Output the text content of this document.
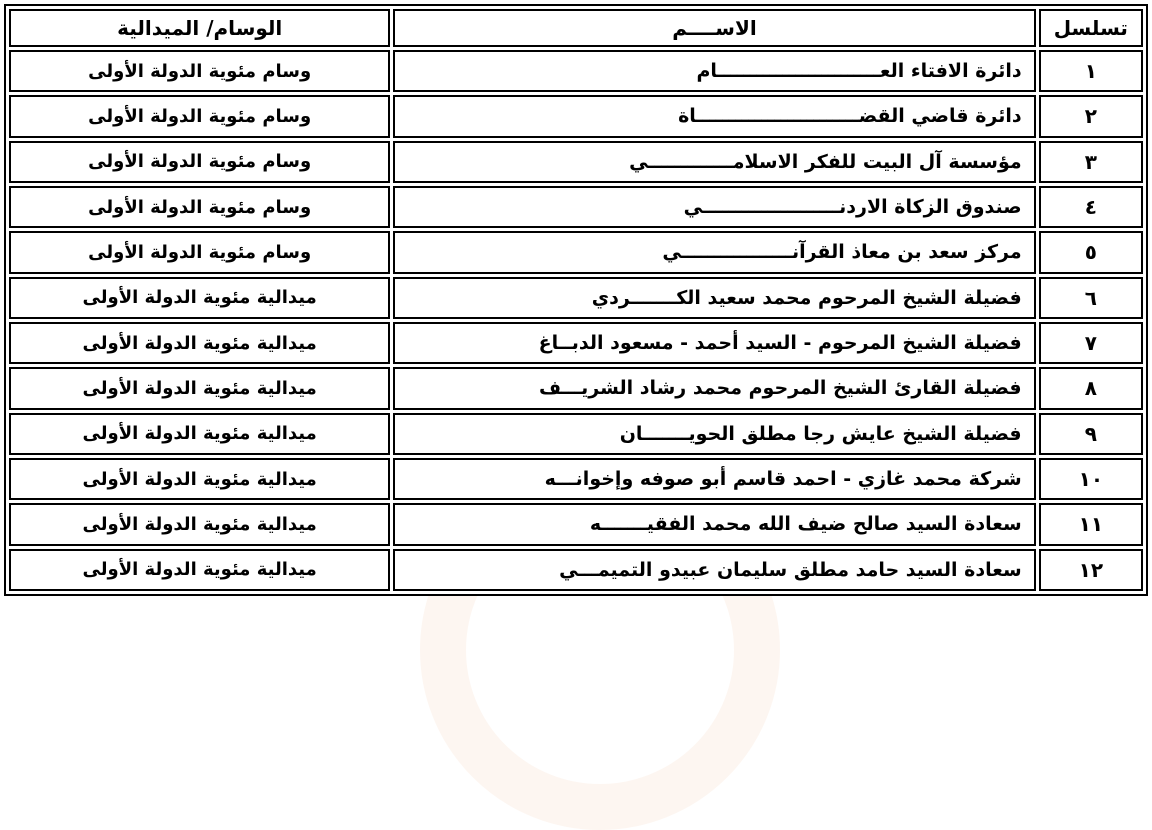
تسلسل	الاســــم	الوسام/ الميدالية
١	دائرة الافتاء العـــــــــــــــــــــــــام	وسام مئوية الدولة الأولى
٢	دائرة قاضي القضـــــــــــــــــــــــــاة	وسام مئوية الدولة الأولى
٣	مؤسسة آل البيت للفكر الاسلامـــــــــــــي	وسام مئوية الدولة الأولى
٤	صندوق الزكاة الاردنـــــــــــــــــــــي	وسام مئوية الدولة الأولى
٥	مركز سعد بن معاذ القرآنـــــــــــــــــي	وسام مئوية الدولة الأولى
٦	فضيلة الشيخ المرحوم محمد سعيد الكـــــــردي	ميدالية مئوية الدولة الأولى
٧	فضيلة الشيخ المرحوم - السيد أحمد - مسعود الدبــاغ	ميدالية مئوية الدولة الأولى
٨	فضيلة القارئ الشيخ المرحوم محمد رشاد الشريـــف	ميدالية مئوية الدولة الأولى
٩	فضيلة الشيخ عايش رجا مطلق الحويـــــــان	ميدالية مئوية الدولة الأولى
١٠	شركة محمد غازي - احمد قاسم أبو صوفه وإخوانـــه	ميدالية مئوية الدولة الأولى
١١	سعادة السيد صالح ضيف الله محمد الفقيـــــــه	ميدالية مئوية الدولة الأولى
١٢	سعادة السيد حامد مطلق سليمان عبيدو التميمـــي	ميدالية مئوية الدولة الأولى
